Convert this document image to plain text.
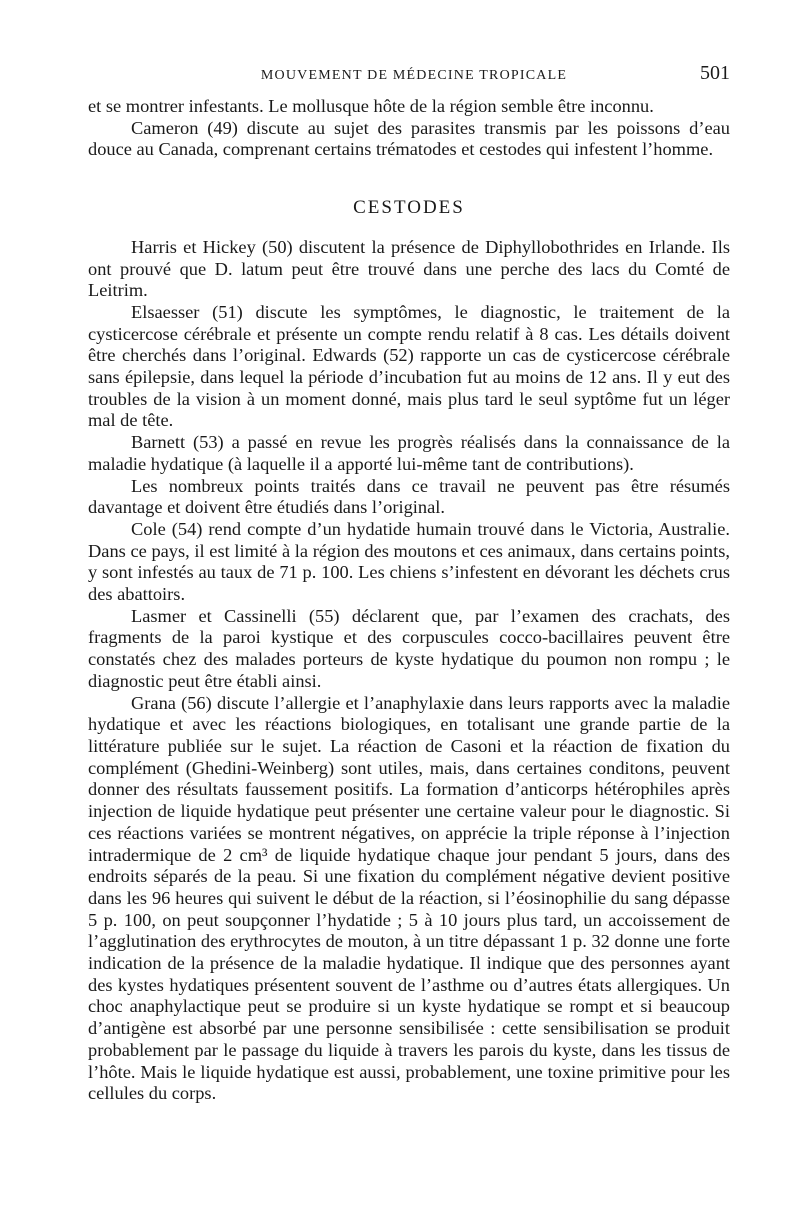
MOUVEMENT DE MÉDECINE TROPICALE	501

et se montrer infestants. Le mollusque hôte de la région semble être inconnu.

Cameron (49) discute au sujet des parasites transmis par les poissons d’eau douce au Canada, comprenant certains trématodes et cestodes qui infestent l’homme.

CESTODES

Harris et Hickey (50) discutent la présence de Diphyllobothrides en Irlande. Ils ont prouvé que D. latum peut être trouvé dans une perche des lacs du Comté de Leitrim.

Elsaesser (51) discute les symptômes, le diagnostic, le traitement de la cysticercose cérébrale et présente un compte rendu relatif à 8 cas. Les détails doivent être cherchés dans l’original. Edwards (52) rapporte un cas de cysticercose cérébrale sans épilepsie, dans lequel la période d’incubation fut au moins de 12 ans. Il y eut des troubles de la vision à un moment donné, mais plus tard le seul syptôme fut un léger mal de tête.

Barnett (53) a passé en revue les progrès réalisés dans la connaissance de la maladie hydatique (à laquelle il a apporté lui-même tant de contributions).

Les nombreux points traités dans ce travail ne peuvent pas être résumés davantage et doivent être étudiés dans l’original.

Cole (54) rend compte d’un hydatide humain trouvé dans le Victoria, Australie. Dans ce pays, il est limité à la région des moutons et ces animaux, dans certains points, y sont infestés au taux de 71 p. 100. Les chiens s’infestent en dévorant les déchets crus des abattoirs.

Lasmer et Cassinelli (55) déclarent que, par l’examen des crachats, des fragments de la paroi kystique et des corpuscules cocco-bacillaires peuvent être constatés chez des malades porteurs de kyste hydatique du poumon non rompu ; le diagnostic peut être établi ainsi.

Grana (56) discute l’allergie et l’anaphylaxie dans leurs rapports avec la maladie hydatique et avec les réactions biologiques, en totalisant une grande partie de la littérature publiée sur le sujet. La réaction de Casoni et la réaction de fixation du complément (Ghedini-Weinberg) sont utiles, mais, dans certaines conditons, peuvent donner des résultats faussement positifs. La formation d’anticorps hétérophiles après injection de liquide hydatique peut présenter une certaine valeur pour le diagnostic. Si ces réactions variées se montrent négatives, on apprécie la triple réponse à l’injection intradermique de 2 cm³ de liquide hydatique chaque jour pendant 5 jours, dans des endroits séparés de la peau. Si une fixation du complément négative devient positive dans les 96 heures qui suivent le début de la réaction, si l’éosinophilie du sang dépasse 5 p. 100, on peut soupçonner l’hydatide ; 5 à 10 jours plus tard, un accoissement de l’agglutination des erythrocytes de mouton, à un titre dépassant 1 p. 32 donne une forte indication de la présence de la maladie hydatique. Il indique que des personnes ayant des kystes hydatiques présentent souvent de l’asthme ou d’autres états allergiques. Un choc anaphylactique peut se produire si un kyste hydatique se rompt et si beaucoup d’antigène est absorbé par une personne sensibilisée : cette sensibilisation se produit probablement par le passage du liquide à travers les parois du kyste, dans les tissus de l’hôte. Mais le liquide hydatique est aussi, probablement, une toxine primitive pour les cellules du corps.
